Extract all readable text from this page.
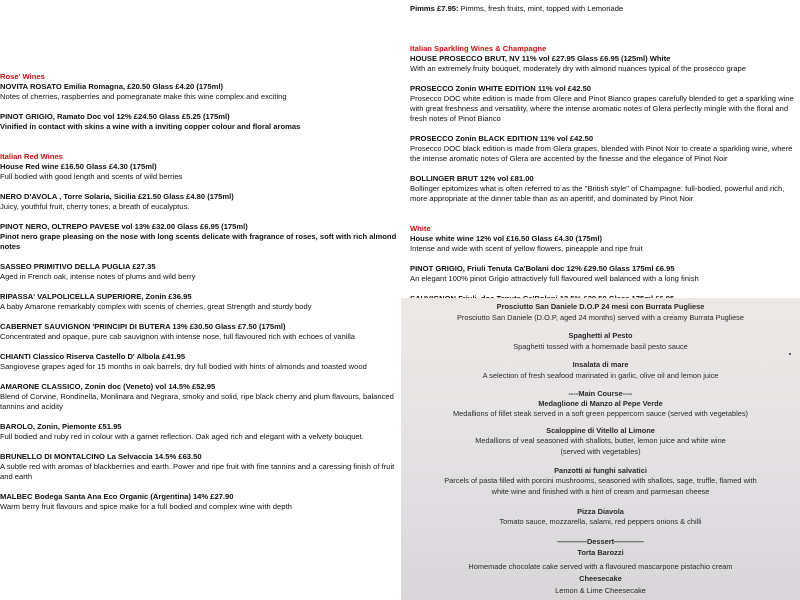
Pimms £7.95: Pimms, fresh fruits, mint, topped with Lemonade
Rose' Wines
NOVITA ROSATO Emilia Romagna, £20.50 Glass £4.20 (175ml)
Notes of cherries, raspberries and pomegranate make this wine complex and exciting
PINOT GRIGIO, Ramato Doc vol 12% £24.50 Glass £5.25 (175ml)
Vinified in contact with skins a wine with a inviting copper colour and floral aromas
Italian Red Wines
House Red wine £16.50 Glass £4.30 (175ml)
Full bodied with good length and scents of wild berries
NERO D'AVOLA , Torre Solaria, Sicilia £21.50 Glass £4.80 (175ml)
Juicy, youthful fruit, cherry tones, a breath of eucalyptus.
PINOT NERO, OLTREPO PAVESE vol 13% £32.00 Glass £6.95 (175ml)
Pinot nero grape pleasing on the nose with long scents delicate with fragrance of roses, soft with rich almond notes
SASSEO PRIMITIVO DELLA PUGLIA £27.35
Aged in French oak, intense notes of plums and wild berry
RIPASSA' VALPOLICELLA SUPERIORE, Zonin £36.95
A baby Amarone remarkably complex with scents of cherries, great Strength and sturdy body
CABERNET SAUVIGNON 'PRINCIPI DI BUTERA 13% £30.50 Glass £7.50 (175ml)
Concentrated and opaque, pure cab sauvignon with intense nose, full flavoured rich with echoes of vanilla
CHIANTI Classico Riserva Castello D' Albola £41.95
Sangiovese grapes aged for 15 months in oak barrels, dry full bodied with hints of almonds and toasted wood
AMARONE CLASSICO, Zonin doc (Veneto) vol 14.5% £52.95
Blend of Corvine, Rondinella, Monlinara and Negrara, smoky and solid, ripe black cherry and plum flavours, balanced tannins and acidity
BAROLO, Zonin, Piemonte £51.95
Full bodied and ruby red in colour with a garnet reflection. Oak aged rich and elegant with a velvety bouquet.
BRUNELLO DI MONTALCINO La Selvaccia 14.5% £63.50
A subtle red with aromas of blackberries and earth. Power and ripe fruit with fine tannins and a caressing finish of fruit and earth
MALBEC Bodega Santa Ana Eco Organic (Argentina) 14% £27.90
Warm berry fruit flavours and spice make for a full bodied and complex wine with depth
Italian Sparkling Wines & Champagne
HOUSE PROSECCO BRUT, NV 11% vol £27.95 Glass £6.95 (125ml) White
With an extremely fruity bouquet, moderately dry with almond nuances typical of the prosecco grape
PROSECCO Zonin WHITE EDITION 11% vol £42.50
Prosecco DOC white edition is made from Glere and Pinot Bianco grapes carefully blended to get a sparkling wine with great freshness and versatility, where the intense aromatic notes of Glera perfectly mingle with the floral and fresh notes of Pinot Bianco
PROSECCO Zonin BLACK EDITION 11% vol £42.50
Prosecco DOC black edition is made from Glera grapes, blended with Pinot Noir to create a sparkling wine, where the intense aromatic notes of Glera are accented by the finesse and the elegance of Pinot Noir
BOLLINGER BRUT 12% vol £81.00
Bollinger epitomizes what is often referred to as the "British style" of Champagne: full-bodied, powerful and rich, more appropriate at the dinner table than as an aperitif, and dominated by Pinot Noir
White
House white wine 12% vol £16.50 Glass £4.30 (175ml)
Intense and wide with scent of yellow flowers, pineapple and ripe fruit
PINOT GRIGIO, Friuli Tenuta Ca'Bolani doc 12% £29.50 Glass 175ml £6.95
An elegant 100% pinot Grigio attractively full flavoured well balanced with a long finish
Prosciutto San Daniele D.O.P 24 mesi con Burrata Pugliese
Prosciutto San Daniele (D.O.P, aged 24 months) served with a creamy Burrata Pugliese
Spaghetti al Pesto
Spaghetti tossed with a homemade basil pesto sauce
Insalata di mare
A selection of fresh seafood marinated in garlic, olive oil and lemon juice
----Main Course----
Medaglione di Manzo al Pepe Verde
Medallions of fillet steak served in a soft green peppercorn sauce (served with vegetables)
Scaloppine di Vitello al Limone
Medallions of veal seasoned with shallots, butter, lemon juice and white wine
(served with vegetables)
Panzotti ai funghi salvatici
Parcels of pasta filled with porcini mushrooms, seasoned with shallots, sage, truffle, flamed with
white wine and finished with a hint of cream and parmesan cheese
Pizza Diavola
Tomato sauce, mozzarella, salami, red peppers onions & chilli
————Dessert————
Torta Barozzi
Homemade chocolate cake served with a flavoured mascarpone pistachio cream
Cheesecake
Lemon & Lime Cheesecake
